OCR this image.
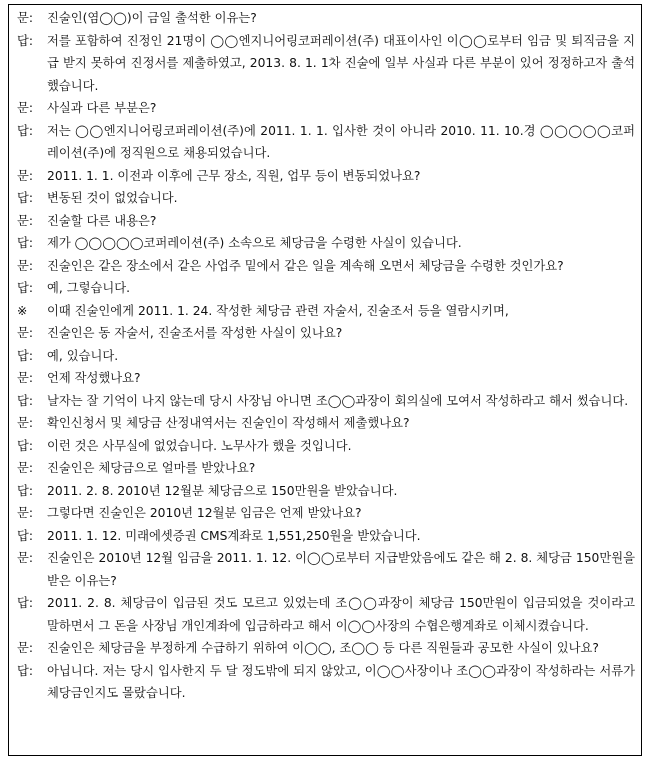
문:	진술인(염◯◯)이 금일 출석한 이유는?
답:	저를 포함하여 진정인 21명이 ◯◯엔지니어링코퍼레이션(주) 대표이사인 이◯◯로부터 임금 및 퇴직금을 지급 받지 못하여 진정서를 제출하였고, 2013. 8. 1. 1차 진술에 일부 사실과 다른 부분이 있어 정정하고자 출석했습니다.
문:	사실과 다른 부분은?
답:	저는 ◯◯엔지니어링코퍼레이션(주)에 2011. 1. 1. 입사한 것이 아니라 2010. 11. 10.경 ◯◯◯◯◯코퍼레이션(주)에 정직원으로 채용되었습니다.
문:	2011. 1. 1. 이전과 이후에 근무 장소, 직원, 업무 등이 변동되었나요?
답:	변동된 것이 없었습니다.
문:	진술할 다른 내용은?
답:	제가 ◯◯◯◯◯코퍼레이션(주) 소속으로 체당금을 수령한 사실이 있습니다.
문:	진술인은 같은 장소에서 같은 사업주 밑에서 같은 일을 계속해 오면서 체당금을 수령한 것인가요?
답:	예, 그렇습니다.
※	이때 진술인에게 2011. 1. 24. 작성한 체당금 관련 자술서, 진술조서 등을 열람시키며,
문:	진술인은 동 자술서, 진술조서를 작성한 사실이 있나요?
답:	예, 있습니다.
문:	언제 작성했나요?
답:	날자는 잘 기억이 나지 않는데 당시 사장님 아니면 조◯◯과장이 회의실에 모여서 작성하라고 해서 썼습니다.
문:	확인신청서 및 체당금 산정내역서는 진술인이 작성해서 제출했나요?
답:	이런 것은 사무실에 없었습니다. 노무사가 했을 것입니다.
문:	진술인은 체당금으로 얼마를 받았나요?
답:	2011. 2. 8. 2010년 12월분 체당금으로 150만원을 받았습니다.
문:	그렇다면 진술인은 2010년 12월분 임금은 언제 받았나요?
답:	2011. 1. 12. 미래에셋증권 CMS계좌로 1,551,250원을 받았습니다.
문:	진술인은 2010년 12월 임금을 2011. 1. 12. 이◯◯로부터 지급받았음에도 같은 해 2. 8. 체당금 150만원을 받은 이유는?
답:	2011. 2. 8. 체당금이 입금된 것도 모르고 있었는데 조◯◯과장이 체당금 150만원이 입금되었을 것이라고 말하면서 그 돈을 사장님 개인계좌에 입금하라고 해서 이◯◯사장의 수협은행계좌로 이체시켰습니다.
문:	진술인은 체당금을 부정하게 수급하기 위하여 이◯◯, 조◯◯ 등 다른 직원들과 공모한 사실이 있나요?
답:	아닙니다. 저는 당시 입사한지 두 달 정도밖에 되지 않았고, 이◯◯사장이나 조◯◯과장이 작성하라는 서류가 체당금인지도 몰랐습니다.
